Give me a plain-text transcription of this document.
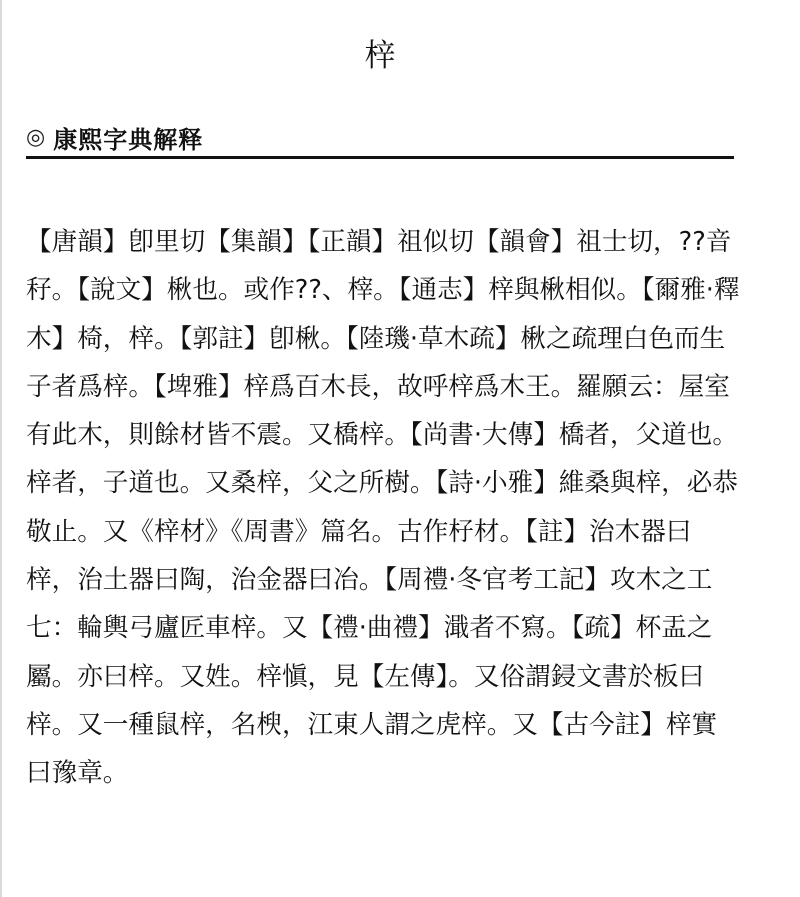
梓
◎ 康熙字典解释

【唐韻】卽里切【集韻】【正韻】祖似切【韻會】祖士切，??音秄。【說文】楸也。或作??、榟。【通志】梓與楸相似。【爾雅·釋木】椅，梓。【郭註】卽楸。【陸璣·草木疏】楸之疏理白色而生子者爲梓。【埤雅】梓爲百木長，故呼梓爲木王。羅願云：屋室有此木，則餘材皆不震。又橋梓。【尚書·大傳】橋者，父道也。梓者，子道也。又桑梓，父之所樹。【詩·小雅】維桑與梓，必恭敬止。又《梓材》《周書》篇名。古作杍材。【註】治木器曰梓，治土器曰陶，治金器曰冶。【周禮·冬官考工記】攻木之工七：輪輿弓廬匠車梓。又【禮·曲禮】濈者不寫。【疏】杯盂之屬。亦曰梓。又姓。梓愼，見【左傳】。又俗謂鋟文書於板曰梓。又一種鼠梓，名楰，江東人謂之虎梓。又【古今註】梓實曰豫章。
